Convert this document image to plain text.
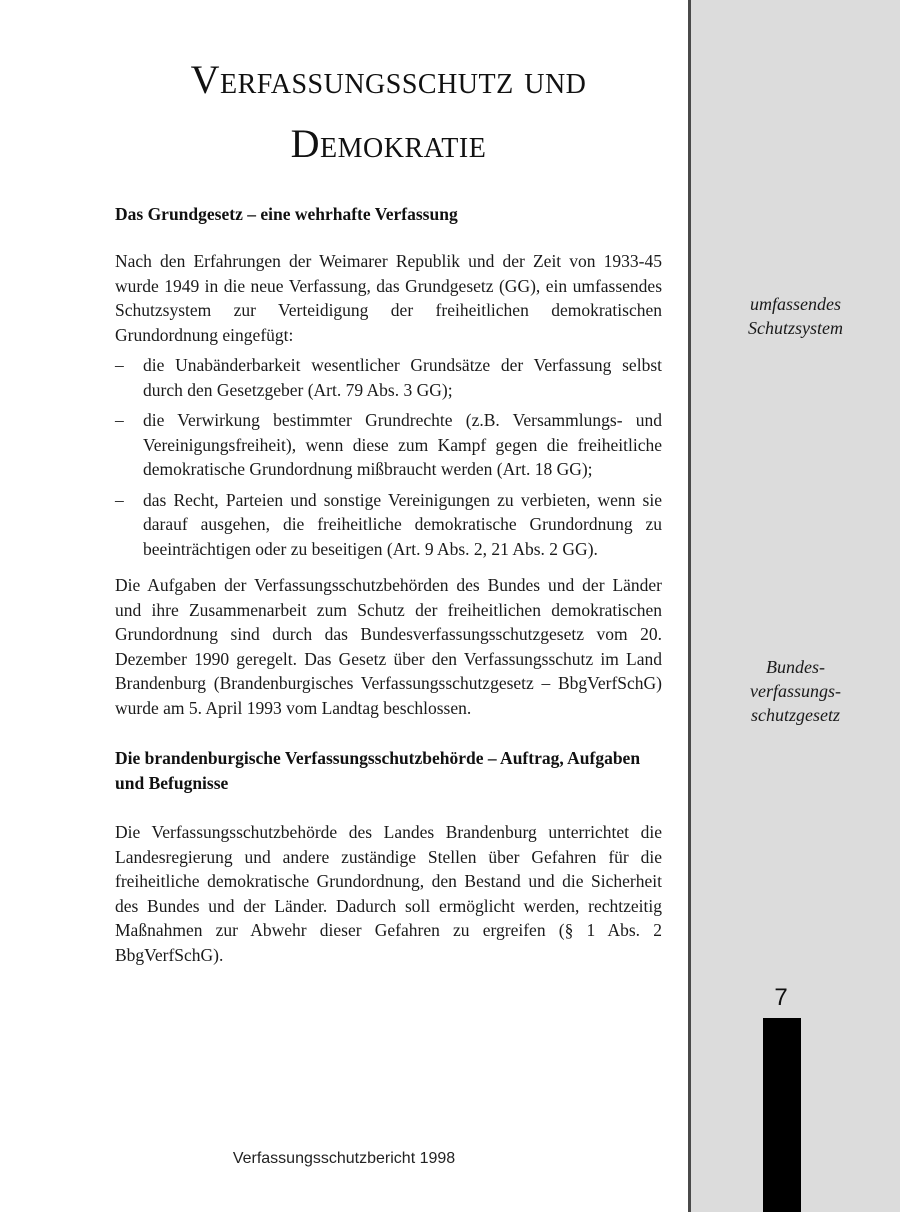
Verfassungsschutz und
Demokratie
Das Grundgesetz – eine wehrhafte Verfassung

Nach den Erfahrungen der Weimarer Republik und der Zeit von 1933-45 wurde 1949 in die neue Verfassung, das Grundgesetz (GG), ein umfassendes Schutzsystem zur Verteidigung der freiheitlichen demokratischen Grundordnung eingefügt:

– die Unabänderbarkeit wesentlicher Grundsätze der Verfassung selbst durch den Gesetzgeber (Art. 79 Abs. 3 GG);
– die Verwirkung bestimmter Grundrechte (z.B. Versammlungs- und Vereinigungsfreiheit), wenn diese zum Kampf gegen die freiheitliche demokratische Grundordnung mißbraucht werden (Art. 18 GG);
– das Recht, Parteien und sonstige Vereinigungen zu verbieten, wenn sie darauf ausgehen, die freiheitliche demokratische Grundordnung zu beeinträchtigen oder zu beseitigen (Art. 9 Abs. 2, 21 Abs. 2 GG).

Die Aufgaben der Verfassungsschutzbehörden des Bundes und der Länder und ihre Zusammenarbeit zum Schutz der freiheitlichen demokratischen Grundordnung sind durch das Bundesverfassungsschutzgesetz vom 20. Dezember 1990 geregelt. Das Gesetz über den Verfassungsschutz im Land Brandenburg (Brandenburgisches Verfassungsschutzgesetz – BbgVerfSchG) wurde am 5. April 1993 vom Landtag beschlossen.

Die brandenburgische Verfassungsschutzbehörde – Auftrag, Aufgaben und Befugnisse

Die Verfassungsschutzbehörde des Landes Brandenburg unterrichtet die Landesregierung und andere zuständige Stellen über Gefahren für die freiheitliche demokratische Grundordnung, den Bestand und die Sicherheit des Bundes und der Länder. Dadurch soll ermöglicht werden, rechtzeitig Maßnahmen zur Abwehr dieser Gefahren zu ergreifen (§ 1 Abs. 2 BbgVerfSchG).

umfassendes
Schutzsystem
Bundes-
verfassungs-
schutzgesetz
7
Verfassungsschutzbericht 1998
